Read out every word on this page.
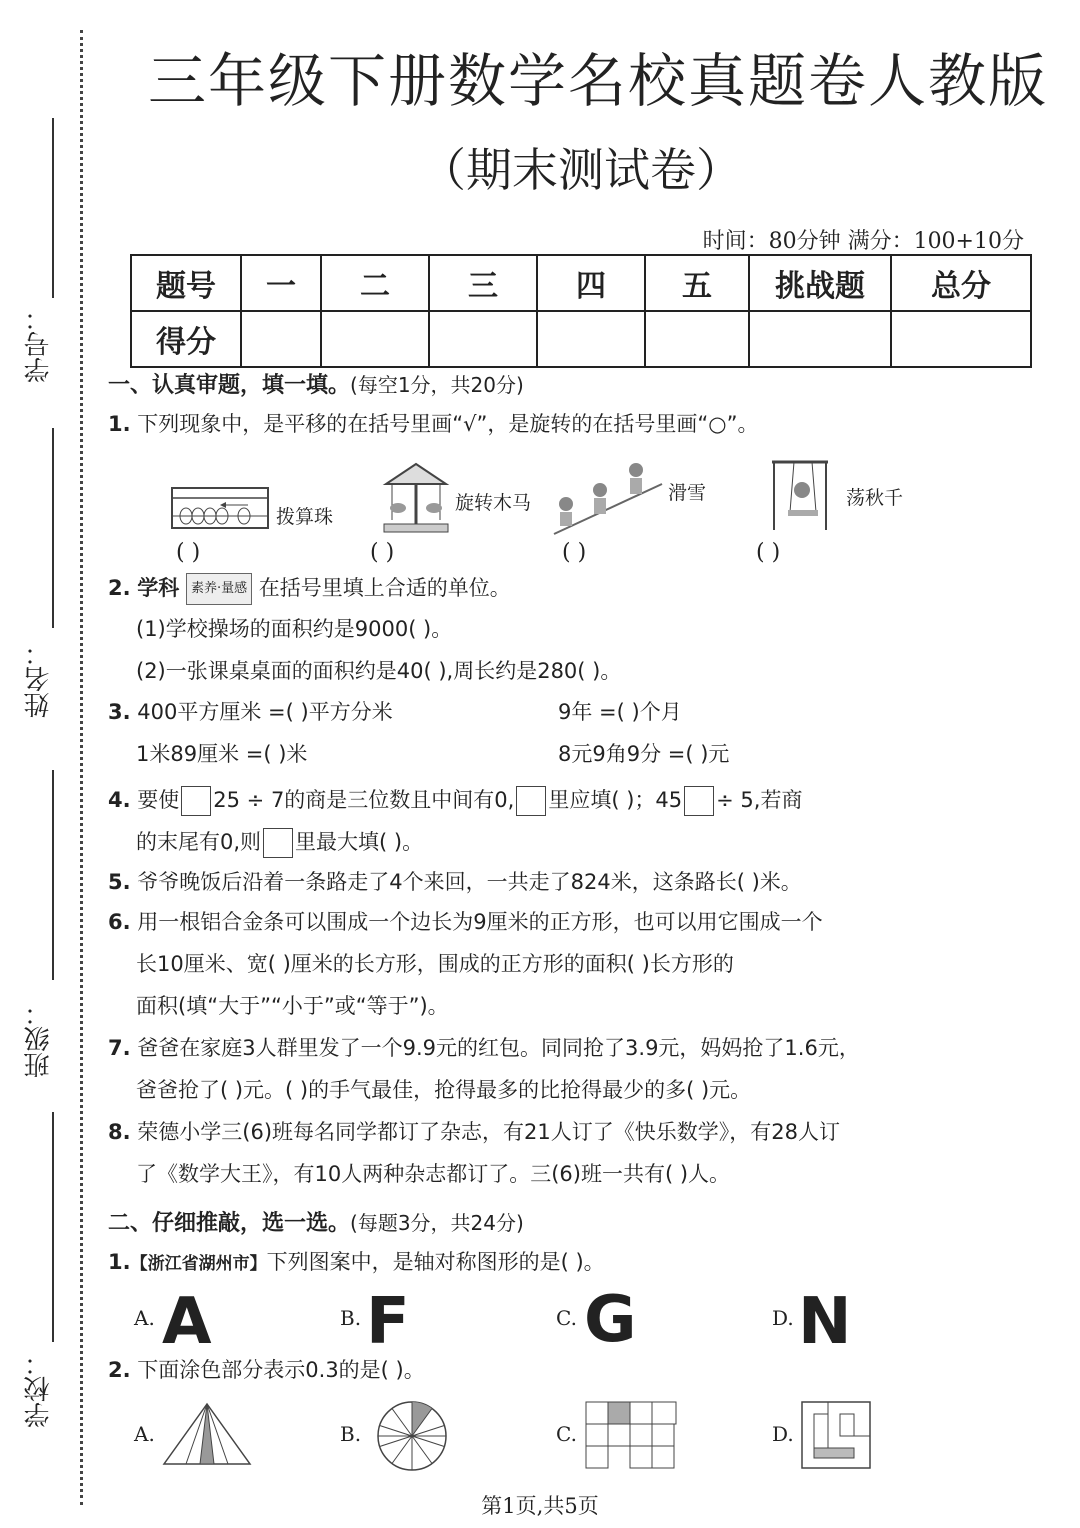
学号：
姓名：
班级：
学校：
三年级下册数学名校真题卷人教版
（期末测试卷）
时间：80分钟 满分：100+10分
题号	一	二	三	四	五	挑战题	总分
得分							
一、认真审题，填一填。(每空1分，共20分)
1. 下列现象中，是平移的在括号里画“√”，是旋转的在括号里画“○”。
拨算珠
旋转木马	滑雪	荡秋千
( )	( )	( )	( )
2. 学科 素养·量感 在括号里填上合适的单位。
(1)学校操场的面积约是9000( )。
(2)一张课桌桌面的面积约是40( ),周长约是280( )。
3. 400平方厘米 =( )平方分米	9年 =( )个月
1米89厘米 =( )米	8元9角9分 =( )元
4. 要使 25 ÷ 7的商是三位数且中间有0, 里应填( )；45 ÷ 5,若商
的末尾有0,则 里最大填( )。
5. 爷爷晚饭后沿着一条路走了4个来回，一共走了824米，这条路长( )米。
6. 用一根铝合金条可以围成一个边长为9厘米的正方形，也可以用它围成一个
长10厘米、宽( )厘米的长方形，围成的正方形的面积( )长方形的
面积(填“大于”“小于”或“等于”)。
7. 爸爸在家庭3人群里发了一个9.9元的红包。同同抢了3.9元，妈妈抢了1.6元，
爸爸抢了( )元。( )的手气最佳，抢得最多的比抢得最少的多( )元。
8. 荣德小学三(6)班每名同学都订了杂志，有21人订了《快乐数学》，有28人订
了《数学大王》，有10人两种杂志都订了。三(6)班一共有( )人。
二、仔细推敲，选一选。(每题3分，共24分)
1.【浙江省湖州市】下列图案中，是轴对称图形的是( )。
A. A	B. F	C. G	D. N
2. 下面涂色部分表示0.3的是( )。
A.	B.	C.	D.
第1页,共5页
